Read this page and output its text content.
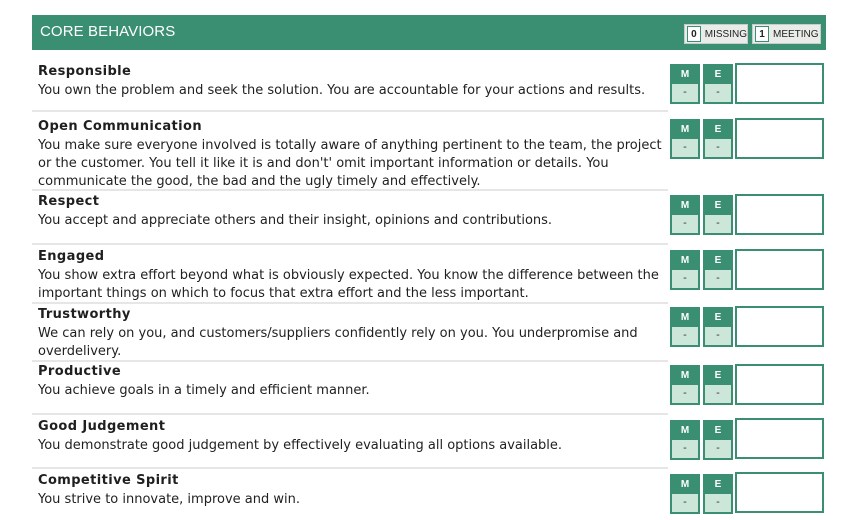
CORE BEHAVIORS	0 MISSING	1 MEETING
Responsible
You own the problem and seek the solution. You are accountable for your actions and results.
M
-
E
-
Open Communication
You make sure everyone involved is totally aware of anything pertinent to the team, the project or the customer. You tell it like it is and don't' omit important information or details. You communicate the good, the bad and the ugly timely and effectively.
M
-
E
-
Respect
You accept and appreciate others and their insight, opinions and contributions.
M
-
E
-
Engaged
You show extra effort beyond what is obviously expected. You know the difference between the important things on which to focus that extra effort and the less important.
M
-
E
-
Trustworthy
We can rely on you, and customers/suppliers confidently rely on you. You underpromise and overdelivery.
M
-
E
-
Productive
You achieve goals in a timely and efficient manner.
M
-
E
-
Good Judgement
You demonstrate good judgement by effectively evaluating all options available.
M
-
E
-
Competitive Spirit
You strive to innovate, improve and win.
M
-
E
-
